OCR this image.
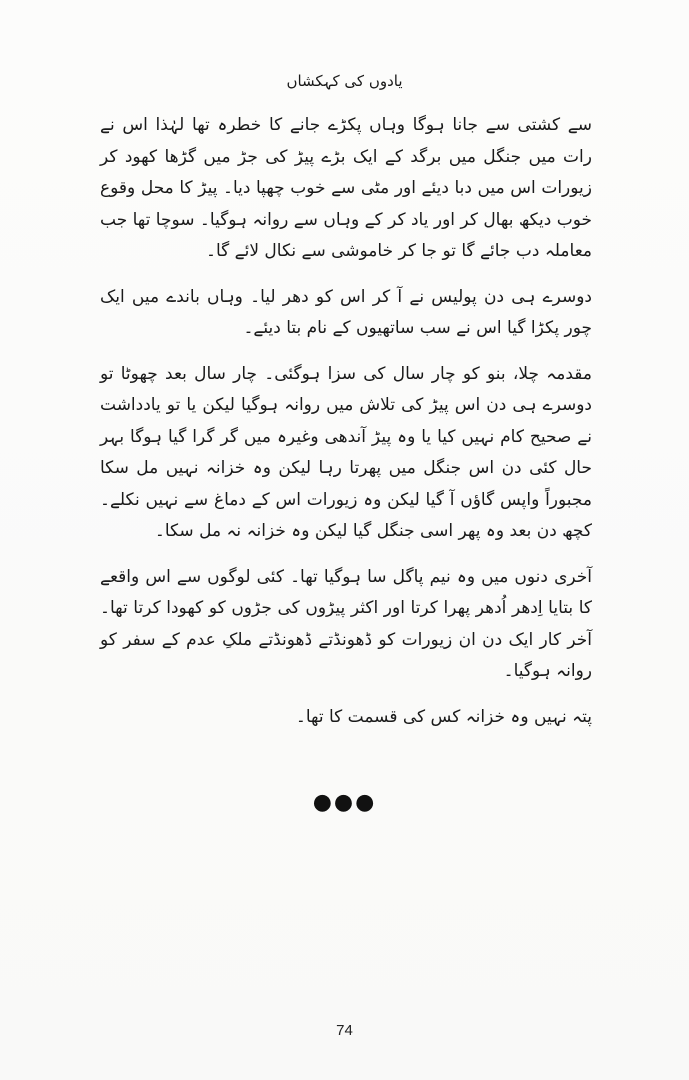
یادوں کی کہکشاں

سے کشتی سے جانا ہوگا وہاں پکڑے جانے کا خطرہ تھا لہٰذا اس نے رات میں جنگل میں برگد کے ایک بڑے پیڑ کی جڑ میں گڑھا کھود کر زیورات اس میں دبا دیئے اور مٹی سے خوب چھپا دیا۔ پیڑ کا محل وقوع خوب دیکھ بھال کر اور یاد کر کے وہاں سے روانہ ہوگیا۔ سوچا تھا جب معاملہ دب جائے گا تو جا کر خاموشی سے نکال لائے گا۔

دوسرے ہی دن پولیس نے آ کر اس کو دھر لیا۔ وہاں باندے میں ایک چور پکڑا گیا اس نے سب ساتھیوں کے نام بتا دیئے۔

مقدمہ چلا، بنو کو چار سال کی سزا ہوگئی۔ چار سال بعد چھوٹا تو دوسرے ہی دن اس پیڑ کی تلاش میں روانہ ہوگیا لیکن یا تو یادداشت نے صحیح کام نہیں کیا یا وہ پیڑ آندھی وغیرہ میں گر گرا گیا ہوگا بہر حال کئی دن اس جنگل میں پھرتا رہا لیکن وہ خزانہ نہیں مل سکا مجبوراً واپس گاؤں آ گیا لیکن وہ زیورات اس کے دماغ سے نہیں نکلے۔ کچھ دن بعد وہ پھر اسی جنگل گیا لیکن وہ خزانہ نہ مل سکا۔

آخری دنوں میں وہ نیم پاگل سا ہوگیا تھا۔ کئی لوگوں سے اس واقعے کا بتایا اِدھر اُدھر پھرا کرتا اور اکثر پیڑوں کی جڑوں کو کھودا کرتا تھا۔ آخر کار ایک دن ان زیورات کو ڈھونڈتے ڈھونڈتے ملکِ عدم کے سفر کو روانہ ہوگیا۔

پتہ نہیں وہ خزانہ کس کی قسمت کا تھا۔

●●●
74
